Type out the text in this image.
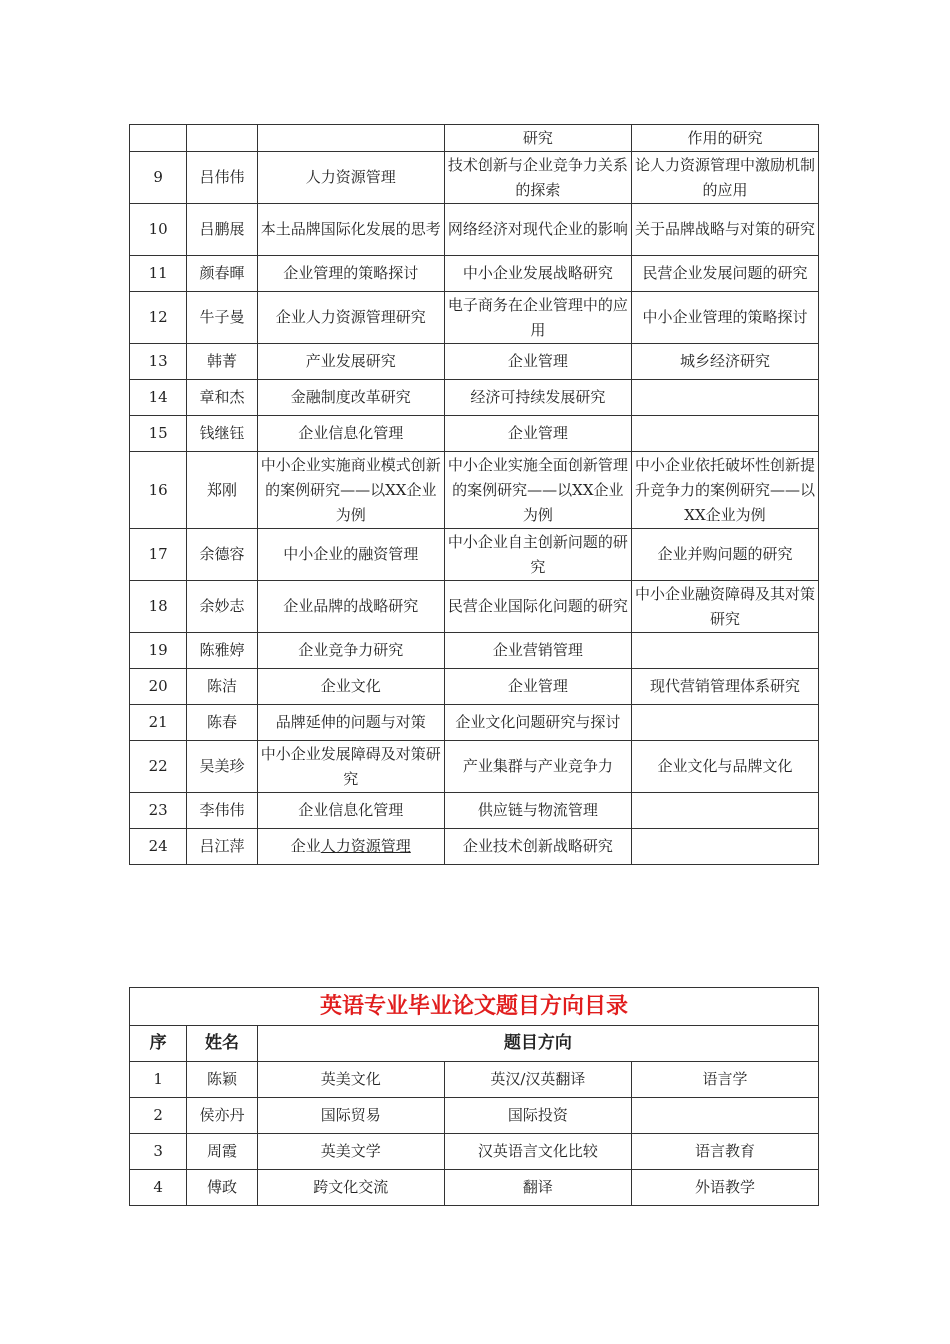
			研究	作用的研究
9	吕伟伟	人力资源管理	技术创新与企业竞争力关系的探索	论人力资源管理中激励机制的应用
10	吕鹏展	本土品牌国际化发展的思考	网络经济对现代企业的影响	关于品牌战略与对策的研究
11	颜春暉	企业管理的策略探讨	中小企业发展战略研究	民营企业发展问题的研究
12	牛子曼	企业人力资源管理研究	电子商务在企业管理中的应用	中小企业管理的策略探讨
13	韩菁	产业发展研究	企业管理	城乡经济研究
14	章和杰	金融制度改革研究	经济可持续发展研究	
15	钱继钰	企业信息化管理	企业管理	
16	郑刚	中小企业实施商业模式创新的案例研究——以XX企业为例	中小企业实施全面创新管理的案例研究——以XX企业为例	中小企业依托破坏性创新提升竞争力的案例研究——以XX企业为例
17	余德容	中小企业的融资管理	中小企业自主创新问题的研究	企业并购问题的研究
18	余妙志	企业品牌的战略研究	民营企业国际化问题的研究	中小企业融资障碍及其对策研究
19	陈雅婷	企业竞争力研究	企业营销管理	
20	陈洁	企业文化	企业管理	现代营销管理体系研究
21	陈春	品牌延伸的问题与对策	企业文化问题研究与探讨	
22	吴美珍	中小企业发展障碍及对策研究	产业集群与产业竞争力	企业文化与品牌文化
23	李伟伟	企业信息化管理	供应链与物流管理	
24	吕江萍	企业人力资源管理	企业技术创新战略研究	
英语专业毕业论文题目方向目录				
序	姓名	题目方向		
1	陈颖	英美文化	英汉/汉英翻译	语言学
2	侯亦丹	国际贸易	国际投资	
3	周霞	英美文学	汉英语言文化比较	语言教育
4	傅政	跨文化交流	翻译	外语教学
